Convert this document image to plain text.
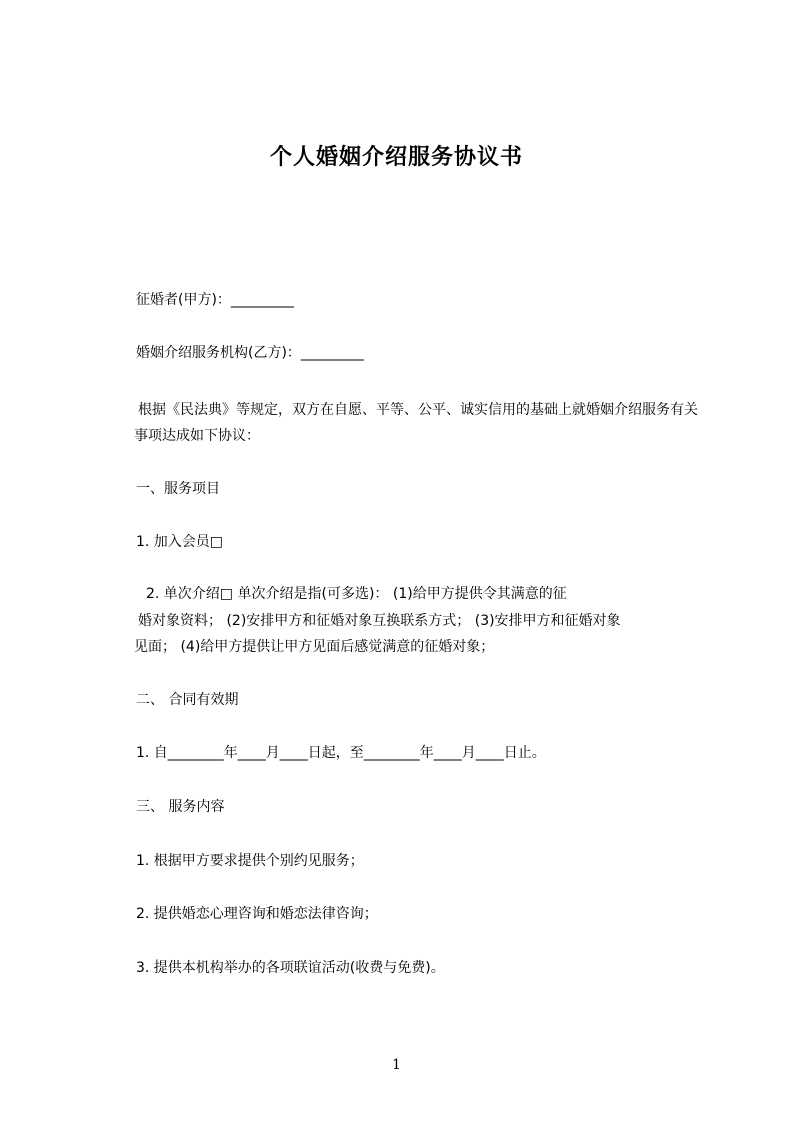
个人婚姻介绍服务协议书
征婚者(甲方)：_________
婚姻介绍服务机构(乙方)：_________
根据《民法典》等规定，双方在自愿、平等、公平、诚实信用的基础上就婚姻介绍服务有关事项达成如下协议：
一、服务项目
1. 加入会员□
2. 单次介绍□ 单次介绍是指(可多选)： (1)给甲方提供令其满意的征
婚对象资料； (2)安排甲方和征婚对象互换联系方式； (3)安排甲方和征婚对象
见面； (4)给甲方提供让甲方见面后感觉满意的征婚对象；
二、 合同有效期
1. 自________年____月____日起，至________年____月____日止。
三、 服务内容
1. 根据甲方要求提供个别约见服务；
2. 提供婚恋心理咨询和婚恋法律咨询；
3. 提供本机构举办的各项联谊活动(收费与免费)。
1
